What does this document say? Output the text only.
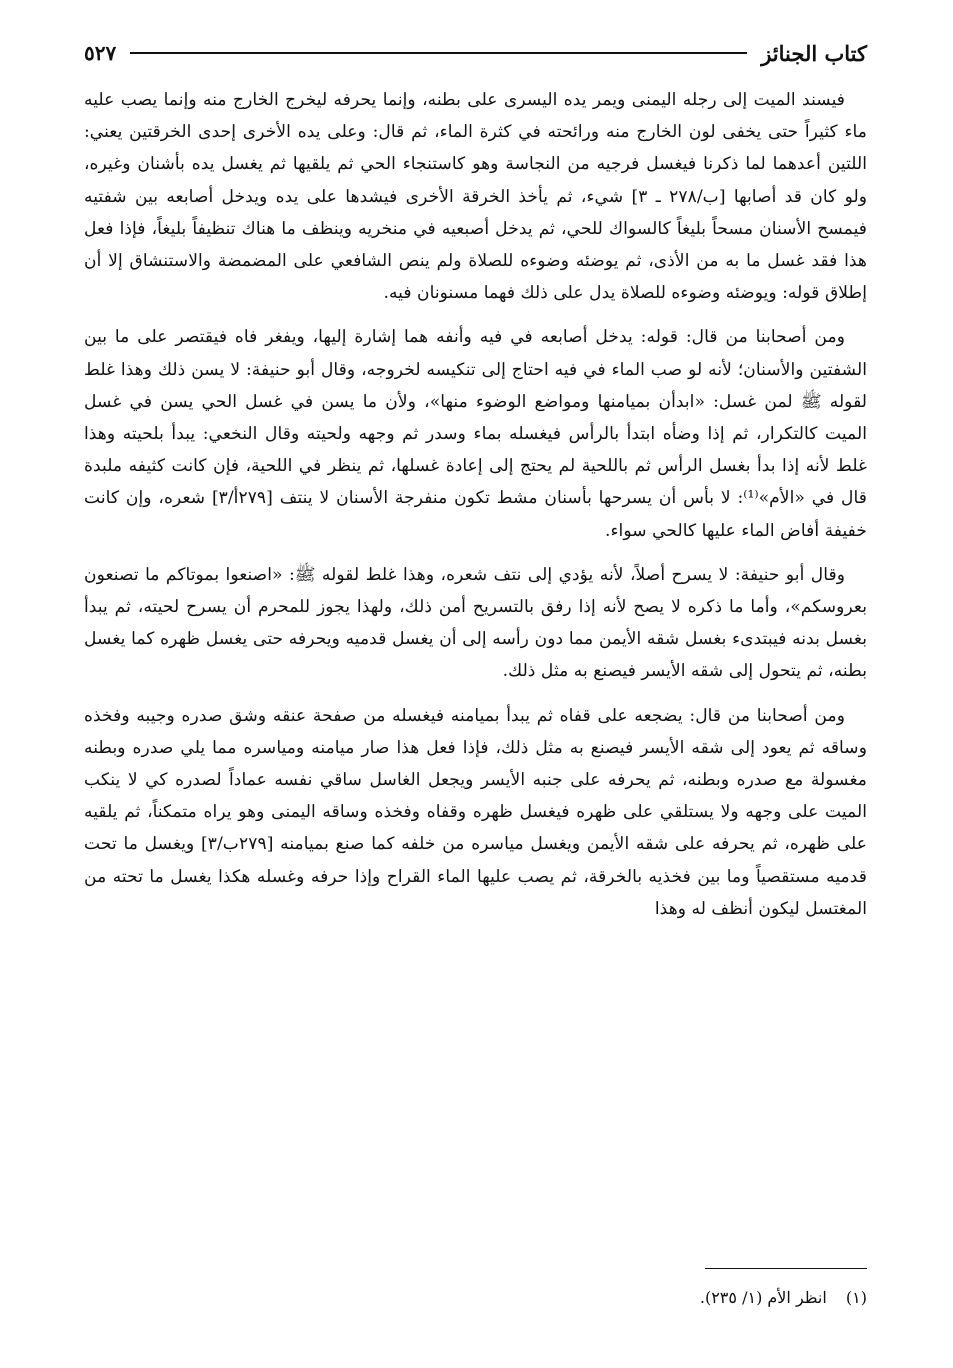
كتاب الجنائز
٥٢٧

فيسند الميت إلى رجله اليمنى ويمر يده اليسرى على بطنه، وإنما يحرفه ليخرج الخارج منه وإنما يصب عليه ماء كثيراً حتى يخفى لون الخارج منه ورائحته في كثرة الماء، ثم قال: وعلى يده الأخرى إحدى الخرقتين يعني: اللتين أعدهما لما ذكرنا فيغسل فرجيه من النجاسة وهو كاستنجاء الحي ثم يلقيها ثم يغسل يده بأشنان وغيره، ولو كان قد أصابها [ب/٢٧٨ ـ ٣] شيء، ثم يأخذ الخرقة الأخرى فيشدها على يده ويدخل أصابعه بين شفتيه فيمسح الأسنان مسحاً بليغاً كالسواك للحي، ثم يدخل أصبعيه في منخريه وينظف ما هناك تنظيفاً بليغاً، فإذا فعل هذا فقد غسل ما به من الأذى، ثم يوضئه وضوءه للصلاة ولم ينص الشافعي على المضمضة والاستنشاق إلا أن إطلاق قوله: ويوضئه وضوءه للصلاة يدل على ذلك فهما مسنونان فيه.

ومن أصحابنا من قال: قوله: يدخل أصابعه في فيه وأنفه هما إشارة إليها، ويفغر فاه فيقتصر على ما بين الشفتين والأسنان؛ لأنه لو صب الماء في فيه احتاج إلى تنكيسه لخروجه، وقال أبو حنيفة: لا يسن ذلك وهذا غلط لقوله ﷺ لمن غسل: «ابدأن بميامنها ومواضع الوضوء منها»، ولأن ما يسن في غسل الحي يسن في غسل الميت كالتكرار، ثم إذا وضأه ابتدأ بالرأس فيغسله بماء وسدر ثم وجهه ولحيته وقال النخعي: يبدأ بلحيته وهذا غلط لأنه إذا بدأ بغسل الرأس ثم باللحية لم يحتج إلى إعادة غسلها، ثم ينظر في اللحية، فإن كانت كثيفه ملبدة قال في «الأم»⁽¹⁾: لا بأس أن يسرحها بأسنان مشط تكون منفرجة الأسنان لا ينتف [٢٧٩أ/٣] شعره، وإن كانت خفيفة أفاض الماء عليها كالحي سواء.

وقال أبو حنيفة: لا يسرح أصلاً، لأنه يؤدي إلى نتف شعره، وهذا غلط لقوله ﷺ: «اصنعوا بموتاكم ما تصنعون بعروسكم»، وأما ما ذكره لا يصح لأنه إذا رفق بالتسريح أمن ذلك، ولهذا يجوز للمحرم أن يسرح لحيته، ثم يبدأ بغسل بدنه فيبتدىء بغسل شقه الأيمن مما دون رأسه إلى أن يغسل قدميه ويحرفه حتى يغسل ظهره كما يغسل بطنه، ثم يتحول إلى شقه الأيسر فيصنع به مثل ذلك.

ومن أصحابنا من قال: يضجعه على قفاه ثم يبدأ بميامنه فيغسله من صفحة عنقه وشق صدره وجيبه وفخذه وساقه ثم يعود إلى شقه الأيسر فيصنع به مثل ذلك، فإذا فعل هذا صار ميامنه ومياسره مما يلي صدره وبطنه مغسولة مع صدره وبطنه، ثم يحرفه على جنبه الأيسر ويجعل الغاسل ساقي نفسه عماداً لصدره كي لا ينكب الميت على وجهه ولا يستلقي على ظهره فيغسل ظهره وقفاه وفخذه وساقه اليمنى وهو يراه متمكناً، ثم يلقيه على ظهره، ثم يحرفه على شقه الأيمن ويغسل مياسره من خلفه كما صنع بميامنه [٢٧٩ب/٣] ويغسل ما تحت قدميه مستقصياً وما بين فخذيه بالخرقة، ثم يصب عليها الماء القراح وإذا حرفه وغسله هكذا يغسل ما تحته من المغتسل ليكون أنظف له وهذا

(١) انظر الأم (١/ ٢٣٥).
